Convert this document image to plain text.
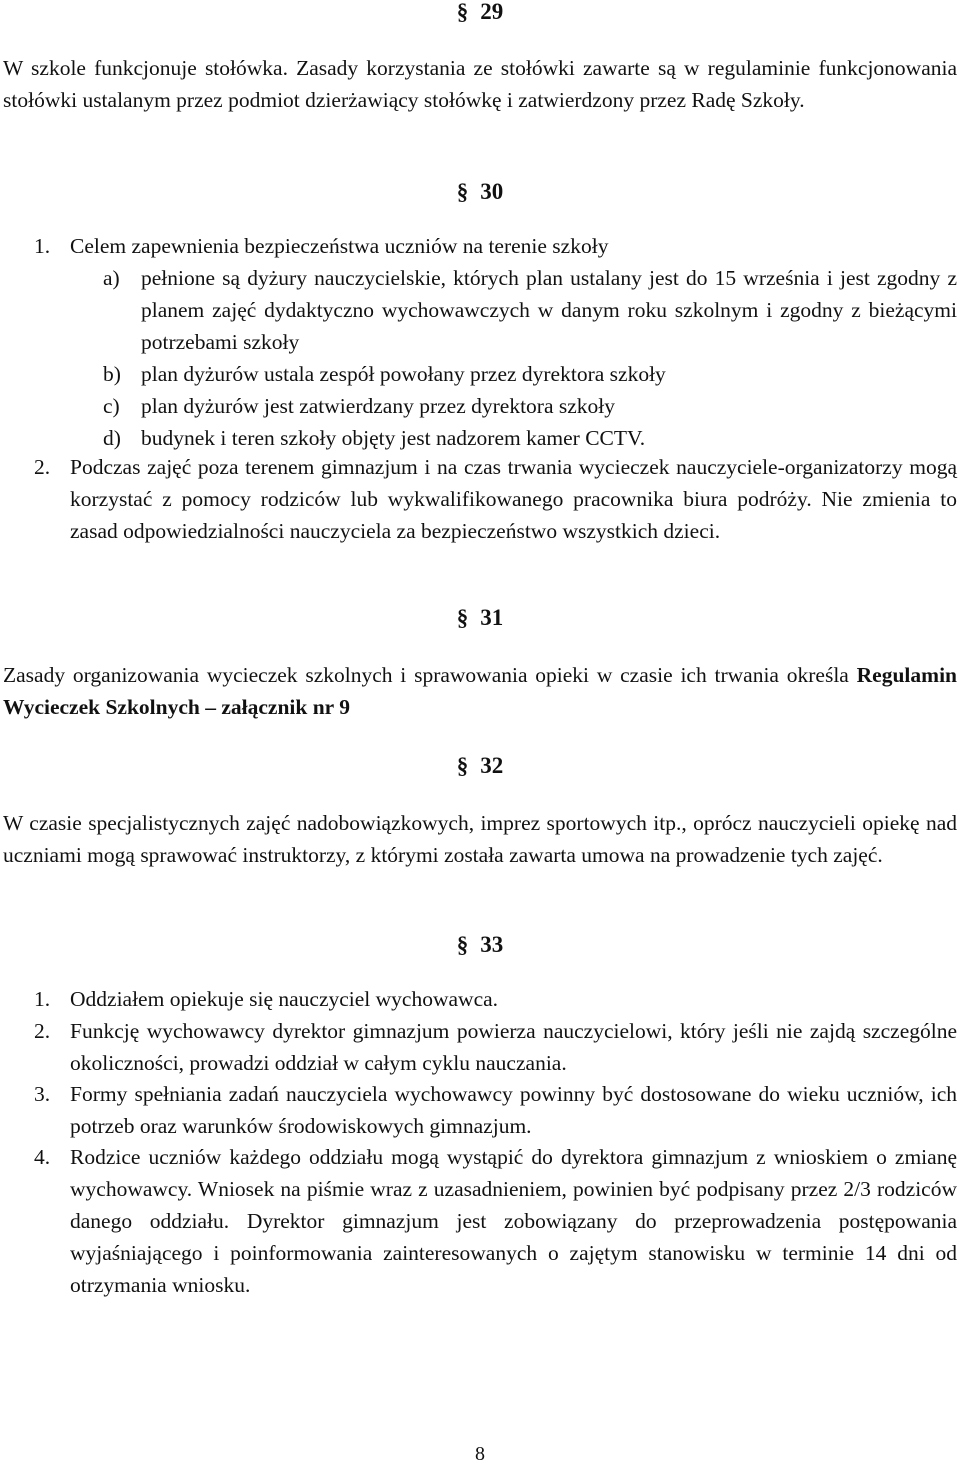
§ 29
W szkole funkcjonuje stołówka. Zasady korzystania ze stołówki zawarte są w regulaminie funkcjonowania stołówki ustalanym przez podmiot dzierżawiący stołówkę i zatwierdzony przez Radę Szkoły.
§ 30
1. Celem zapewnienia bezpieczeństwa uczniów na terenie szkoły
a) pełnione są dyżury nauczycielskie, których plan ustalany jest do 15 września i jest zgodny z planem zajęć dydaktyczno wychowawczych w danym roku szkolnym i zgodny z bieżącymi potrzebami szkoły
b) plan dyżurów ustala zespół powołany przez dyrektora szkoły
c) plan dyżurów jest zatwierdzany przez dyrektora szkoły
d) budynek i teren szkoły objęty jest nadzorem kamer CCTV.
2. Podczas zajęć poza terenem gimnazjum i na czas trwania wycieczek nauczyciele-organizatorzy mogą korzystać z pomocy rodziców lub wykwalifikowanego pracownika biura podróży. Nie zmienia to zasad odpowiedzialności nauczyciela za bezpieczeństwo wszystkich dzieci.
§ 31
Zasady organizowania wycieczek szkolnych i sprawowania opieki w czasie ich trwania określa Regulamin Wycieczek Szkolnych – załącznik nr 9
§ 32
W czasie specjalistycznych zajęć nadobowiązkowych, imprez sportowych itp., oprócz nauczycieli opiekę nad uczniami mogą sprawować instruktorzy, z którymi została zawarta umowa na prowadzenie tych zajęć.
§ 33
1. Oddziałem opiekuje się nauczyciel wychowawca.
2. Funkcję wychowawcy dyrektor gimnazjum powierza nauczycielowi, który jeśli nie zajdą szczególne okoliczności, prowadzi oddział w całym cyklu nauczania.
3. Formy spełniania zadań nauczyciela wychowawcy powinny być dostosowane do wieku uczniów, ich potrzeb oraz warunków środowiskowych gimnazjum.
4. Rodzice uczniów każdego oddziału mogą wystąpić do dyrektora gimnazjum z wnioskiem o zmianę wychowawcy. Wniosek na piśmie wraz z uzasadnieniem, powinien być podpisany przez 2/3 rodziców danego oddziału. Dyrektor gimnazjum jest zobowiązany do przeprowadzenia postępowania wyjaśniającego i poinformowania zainteresowanych o zajętym stanowisku w terminie 14 dni od otrzymania wniosku.
8
